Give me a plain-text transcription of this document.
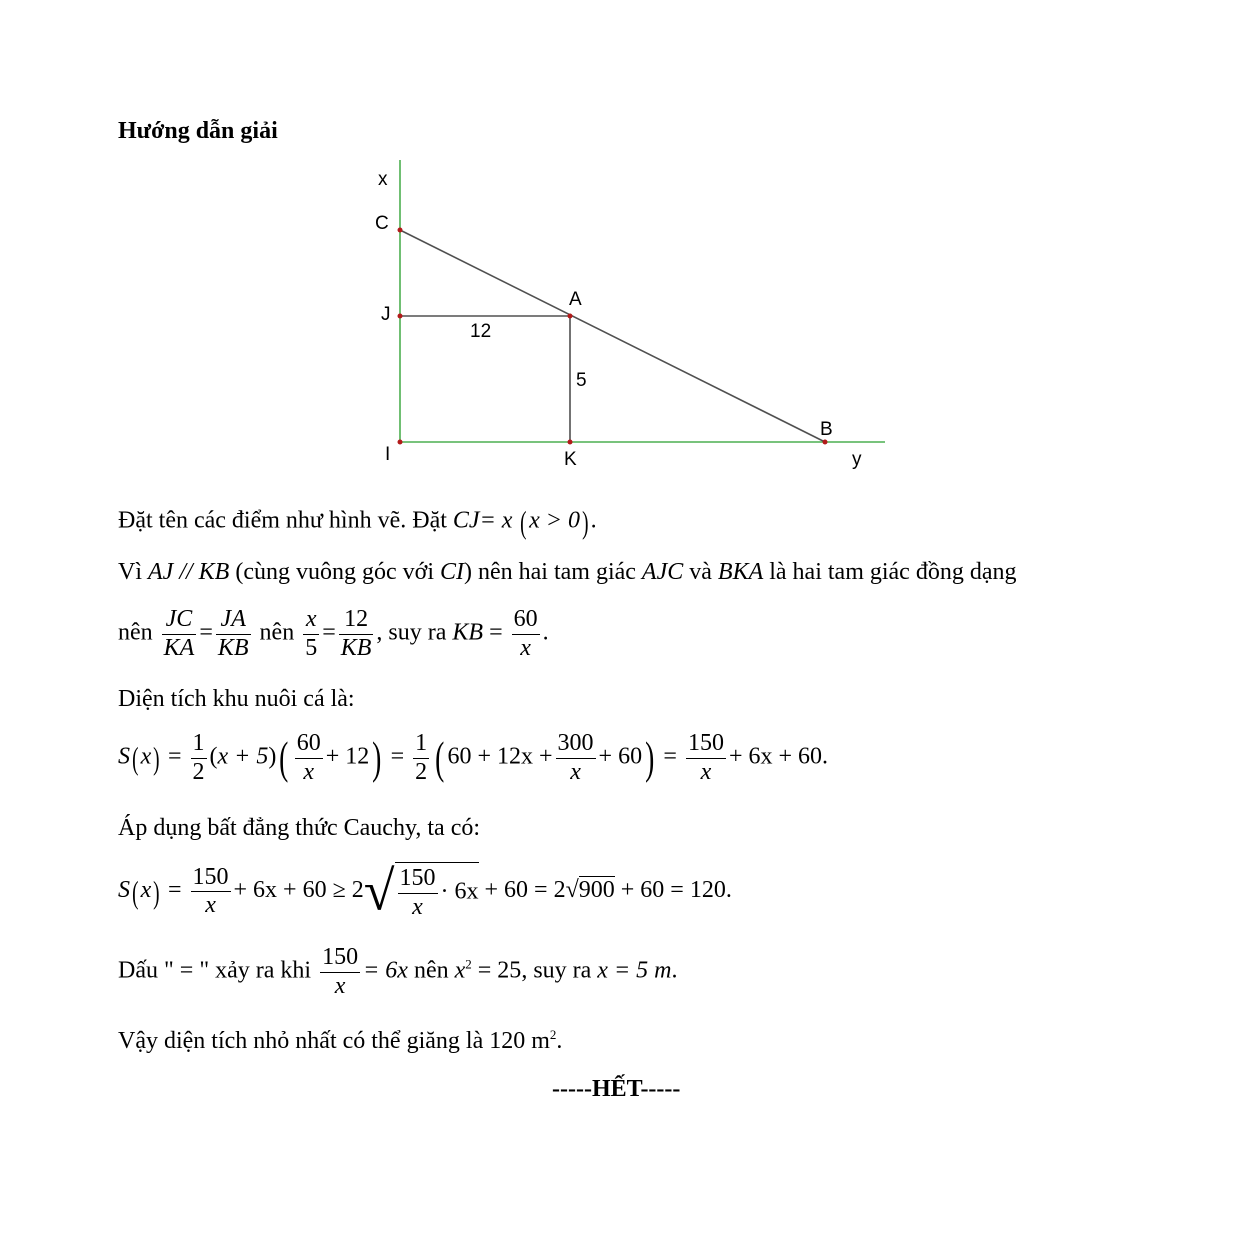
Hướng dẫn giải
x
C
J
A
12
5
I	K
B
y
Đặt tên các điểm như hình vẽ. Đặt CJ= x (x > 0).
Vì AJ // KB (cùng vuông góc với CI) nên hai tam giác AJC và BKA là hai tam giác đồng dạng
nên $\frac{JC}{KA} = \frac{JA}{KB}$ nên $\frac{x}{5} = \frac{12}{KB}$ , suy ra KB = $\frac{60}{x}$ .
Diện tích khu nuôi cá là:
$S(x) = \frac{1}{2} (x + 5)( \frac{60}{x} + 12) = \frac{1}{2}$ ( $60 + 12x + \frac{300}{x} + 60) = \frac{150}{x} + 6x + 60$.
Áp dụng bất đẳng thức Cauchy, ta có:
$S(x) = \frac{150}{x} + 6x + 60 \ge 2√ \frac{150}{x} \cdot 6x + 60 = 2√900 + 60 = 120$.
Dấu " = " xảy ra khi $\frac{150}{x} = 6x$ nên $x^2 = 25$, suy ra x = 5 m.
Vậy diện tích nhỏ nhất có thể giăng là 120 $m^2$.
-----HẾT-----
